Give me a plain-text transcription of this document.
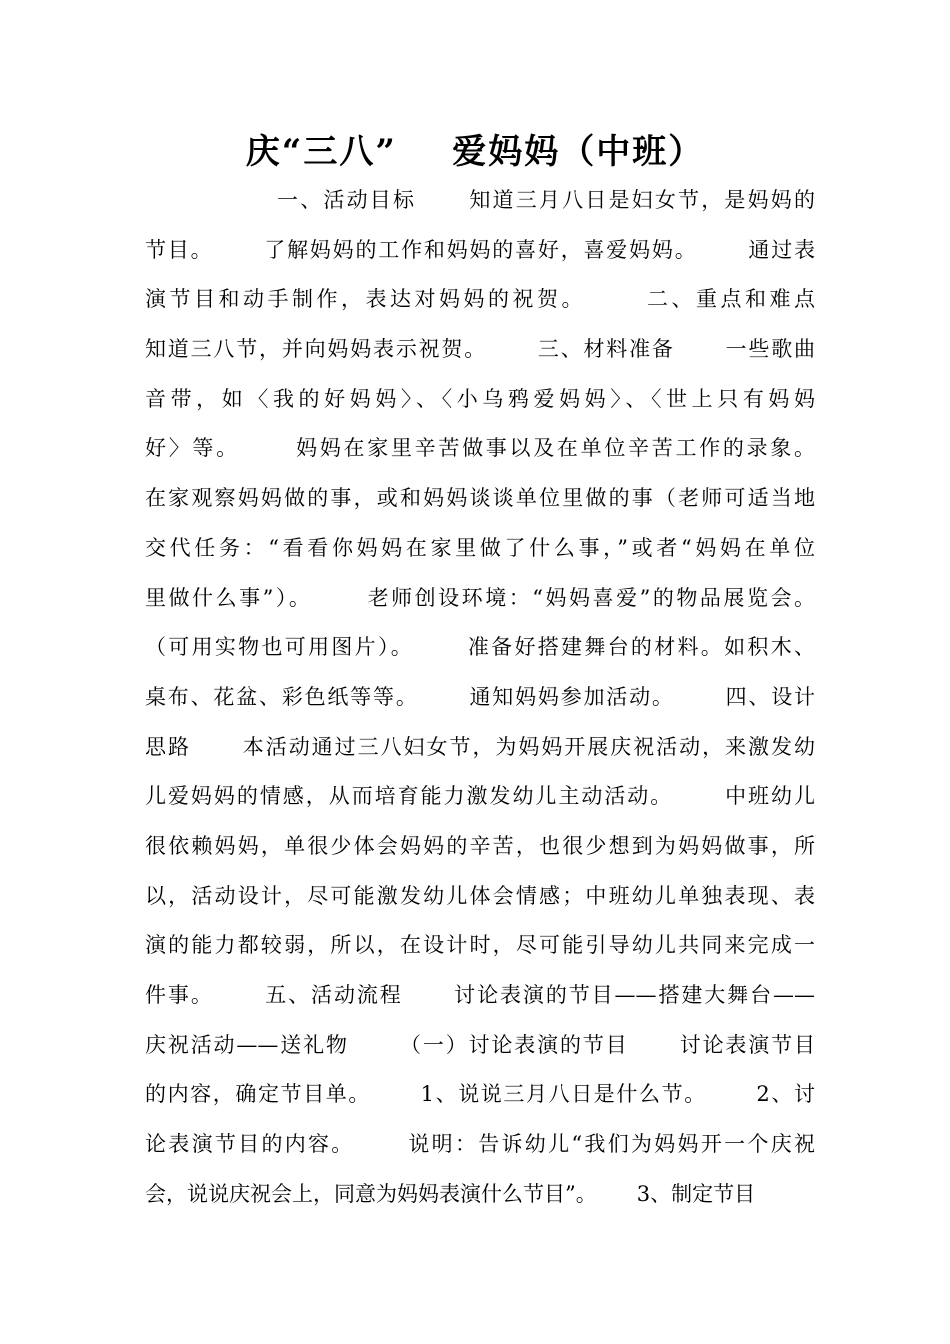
庆“三八”    爱妈妈（中班）
一、活动目标      知道三月八日是妇女节，是妈妈的
节目。      了解妈妈的工作和妈妈的喜好，喜爱妈妈。      通过表
演节目和动手制作，表达对妈妈的祝贺。      二、重点和难点
知道三八节，并向妈妈表示祝贺。      三、材料准备      一些歌曲
音带，如〈我的好妈妈〉、〈小乌鸦爱妈妈〉、〈世上只有妈妈
好〉等。      妈妈在家里辛苦做事以及在单位辛苦工作的录象。
在家观察妈妈做的事，或和妈妈谈谈单位里做的事（老师可适当地
交代任务：“看看你妈妈在家里做了什么事，”或者“妈妈在单位
里做什么事”）。      老师创设环境：“妈妈喜爱”的物品展览会。
（可用实物也可用图片）。      准备好搭建舞台的材料。如积木、
桌布、花盆、彩色纸等等。      通知妈妈参加活动。      四、设计
思路      本活动通过三八妇女节，为妈妈开展庆祝活动，来激发幼
儿爱妈妈的情感，从而培育能力激发幼儿主动活动。      中班幼儿
很依赖妈妈，单很少体会妈妈的辛苦，也很少想到为妈妈做事，所
以，活动设计，尽可能激发幼儿体会情感；中班幼儿单独表现、表
演的能力都较弱，所以，在设计时，尽可能引导幼儿共同来完成一
件事。      五、活动流程      讨论表演的节目——搭建大舞台——
庆祝活动——送礼物      （一）讨论表演的节目      讨论表演节目
的内容，确定节目单。      1、说说三月八日是什么节。      2、讨
论表演节目的内容。      说明：告诉幼儿“我们为妈妈开一个庆祝
会，说说庆祝会上，同意为妈妈表演什么节目”。      3、制定节目
